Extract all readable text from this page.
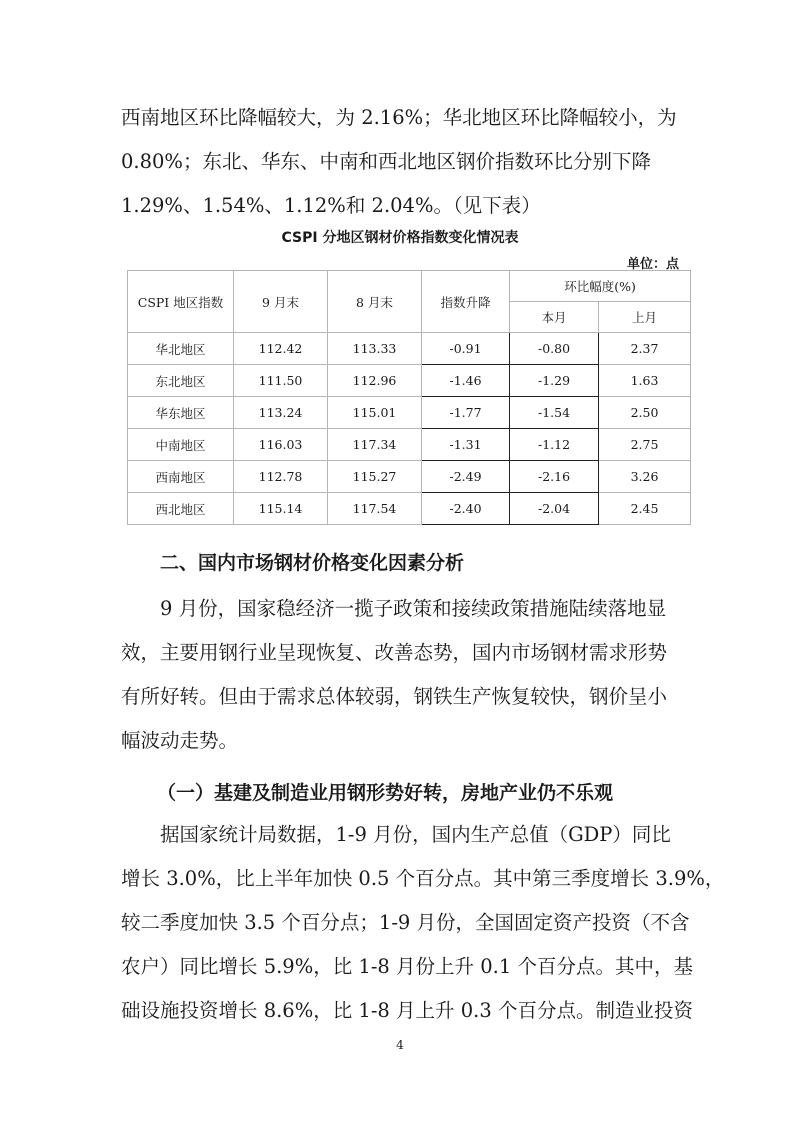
西南地区环比降幅较大，为 2.16%；华北地区环比降幅较小，为
0.80%；东北、华东、中南和西北地区钢价指数环比分别下降
1.29%、1.54%、1.12%和 2.04%。（见下表）

CSPI 分地区钢材价格指数变化情况表
单位：点
CSPI 地区指数	9 月末	8 月末	指数升降	环比幅度(%)	
				本月	上月
华北地区	112.42	113.33	-0.91	-0.80	2.37
东北地区	111.50	112.96	-1.46	-1.29	1.63
华东地区	113.24	115.01	-1.77	-1.54	2.50
中南地区	116.03	117.34	-1.31	-1.12	2.75
西南地区	112.78	115.27	-2.49	-2.16	3.26
西北地区	115.14	117.54	-2.40	-2.04	2.45
二、国内市场钢材价格变化因素分析

　　9 月份，国家稳经济一揽子政策和接续政策措施陆续落地显
效，主要用钢行业呈现恢复、改善态势，国内市场钢材需求形势
有所好转。但由于需求总体较弱，钢铁生产恢复较快，钢价呈小
幅波动走势。

（一）基建及制造业用钢形势好转，房地产业仍不乐观

　　据国家统计局数据，1-9 月份，国内生产总值（GDP）同比
增长 3.0%，比上半年加快 0.5 个百分点。其中第三季度增长 3.9%，
较二季度加快 3.5 个百分点；1-9 月份，全国固定资产投资（不含
农户）同比增长 5.9%，比 1-8 月份上升 0.1 个百分点。其中，基
础设施投资增长 8.6%，比 1-8 月上升 0.3 个百分点。制造业投资

4
